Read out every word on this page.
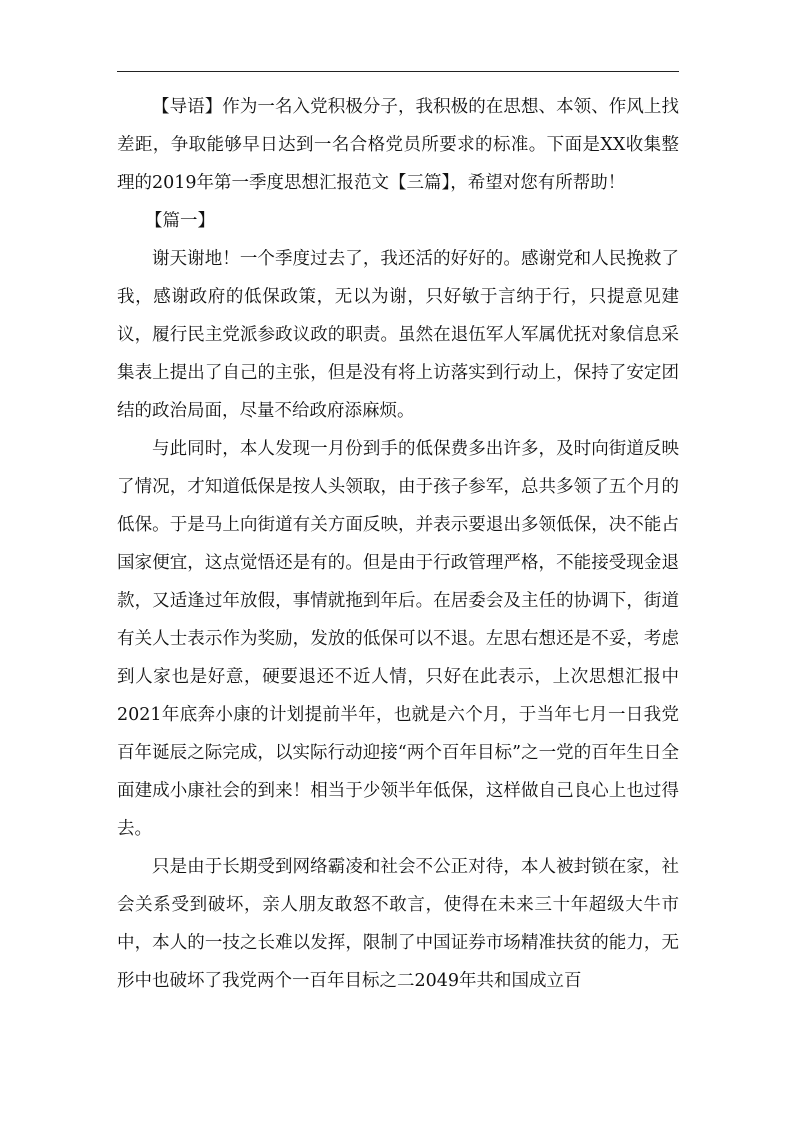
【导语】作为一名入党积极分子，我积极的在思想、本领、作风上找差距，争取能够早日达到一名合格党员所要求的标准。下面是XX收集整理的2019年第一季度思想汇报范文【三篇】，希望对您有所帮助！

【篇一】

谢天谢地！一个季度过去了，我还活的好好的。感谢党和人民挽救了我，感谢政府的低保政策，无以为谢，只好敏于言纳于行，只提意见建议，履行民主党派参政议政的职责。虽然在退伍军人军属优抚对象信息采集表上提出了自己的主张，但是没有将上访落实到行动上，保持了安定团结的政治局面，尽量不给政府添麻烦。

与此同时，本人发现一月份到手的低保费多出许多，及时向街道反映了情况，才知道低保是按人头领取，由于孩子参军，总共多领了五个月的低保。于是马上向街道有关方面反映，并表示要退出多领低保，决不能占国家便宜，这点觉悟还是有的。但是由于行政管理严格，不能接受现金退款，又适逢过年放假，事情就拖到年后。在居委会及主任的协调下，街道有关人士表示作为奖励，发放的低保可以不退。左思右想还是不妥，考虑到人家也是好意，硬要退还不近人情，只好在此表示，上次思想汇报中2021年底奔小康的计划提前半年，也就是六个月，于当年七月一日我党百年诞辰之际完成，以实际行动迎接“两个百年目标”之一党的百年生日全面建成小康社会的到来！相当于少领半年低保，这样做自己良心上也过得去。

只是由于长期受到网络霸凌和社会不公正对待，本人被封锁在家，社会关系受到破坏，亲人朋友敢怒不敢言，使得在未来三十年超级大牛市中，本人的一技之长难以发挥，限制了中国证券市场精准扶贫的能力，无形中也破坏了我党两个一百年目标之二2049年共和国成立百
